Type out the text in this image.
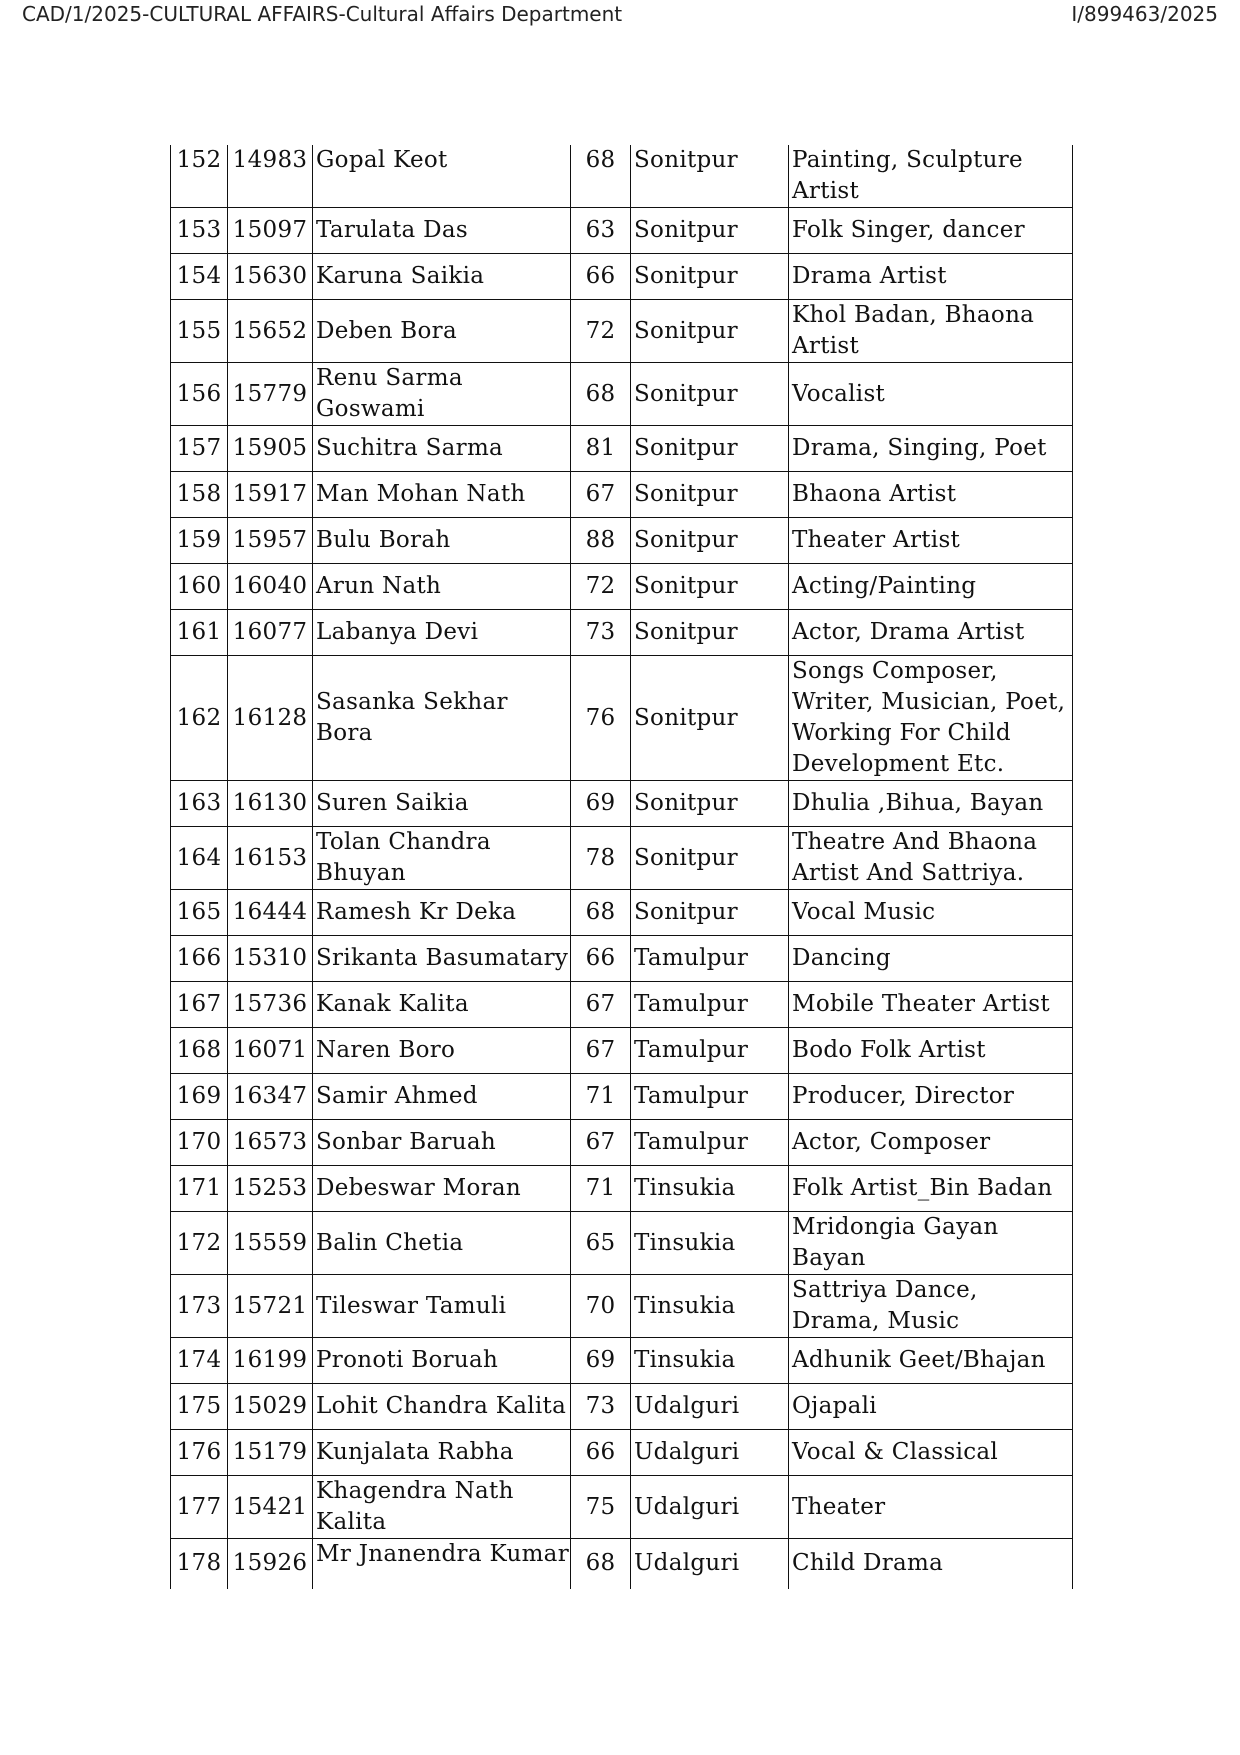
CAD/1/2025-CULTURAL AFFAIRS-Cultural Affairs Department	I/899463/2025
152	14983	Gopal Keot	68	Sonitpur	Painting, Sculpture Artist
153	15097	Tarulata Das	63	Sonitpur	Folk Singer, dancer
154	15630	Karuna Saikia	66	Sonitpur	Drama Artist
155	15652	Deben Bora	72	Sonitpur	Khol Badan, Bhaona Artist
156	15779	Renu Sarma Goswami	68	Sonitpur	Vocalist
157	15905	Suchitra Sarma	81	Sonitpur	Drama, Singing, Poet
158	15917	Man Mohan Nath	67	Sonitpur	Bhaona Artist
159	15957	Bulu Borah	88	Sonitpur	Theater Artist
160	16040	Arun Nath	72	Sonitpur	Acting/Painting
161	16077	Labanya Devi	73	Sonitpur	Actor, Drama Artist
162	16128	Sasanka Sekhar Bora	76	Sonitpur	Songs Composer, Writer, Musician, Poet, Working For Child Development Etc.
163	16130	Suren Saikia	69	Sonitpur	Dhulia ,Bihua, Bayan
164	16153	Tolan Chandra Bhuyan	78	Sonitpur	Theatre And Bhaona Artist And Sattriya.
165	16444	Ramesh Kr Deka	68	Sonitpur	Vocal Music
166	15310	Srikanta Basumatary	66	Tamulpur	Dancing
167	15736	Kanak Kalita	67	Tamulpur	Mobile Theater Artist
168	16071	Naren Boro	67	Tamulpur	Bodo Folk Artist
169	16347	Samir Ahmed	71	Tamulpur	Producer, Director
170	16573	Sonbar Baruah	67	Tamulpur	Actor, Composer
171	15253	Debeswar Moran	71	Tinsukia	Folk Artist_Bin Badan
172	15559	Balin Chetia	65	Tinsukia	Mridongia Gayan Bayan
173	15721	Tileswar Tamuli	70	Tinsukia	Sattriya Dance, Drama, Music
174	16199	Pronoti Boruah	69	Tinsukia	Adhunik Geet/Bhajan
175	15029	Lohit Chandra Kalita	73	Udalguri	Ojapali
176	15179	Kunjalata Rabha	66	Udalguri	Vocal & Classical
177	15421	Khagendra Nath Kalita	75	Udalguri	Theater
178	15926	Mr Jnanendra Kumar	68	Udalguri	Child Drama
